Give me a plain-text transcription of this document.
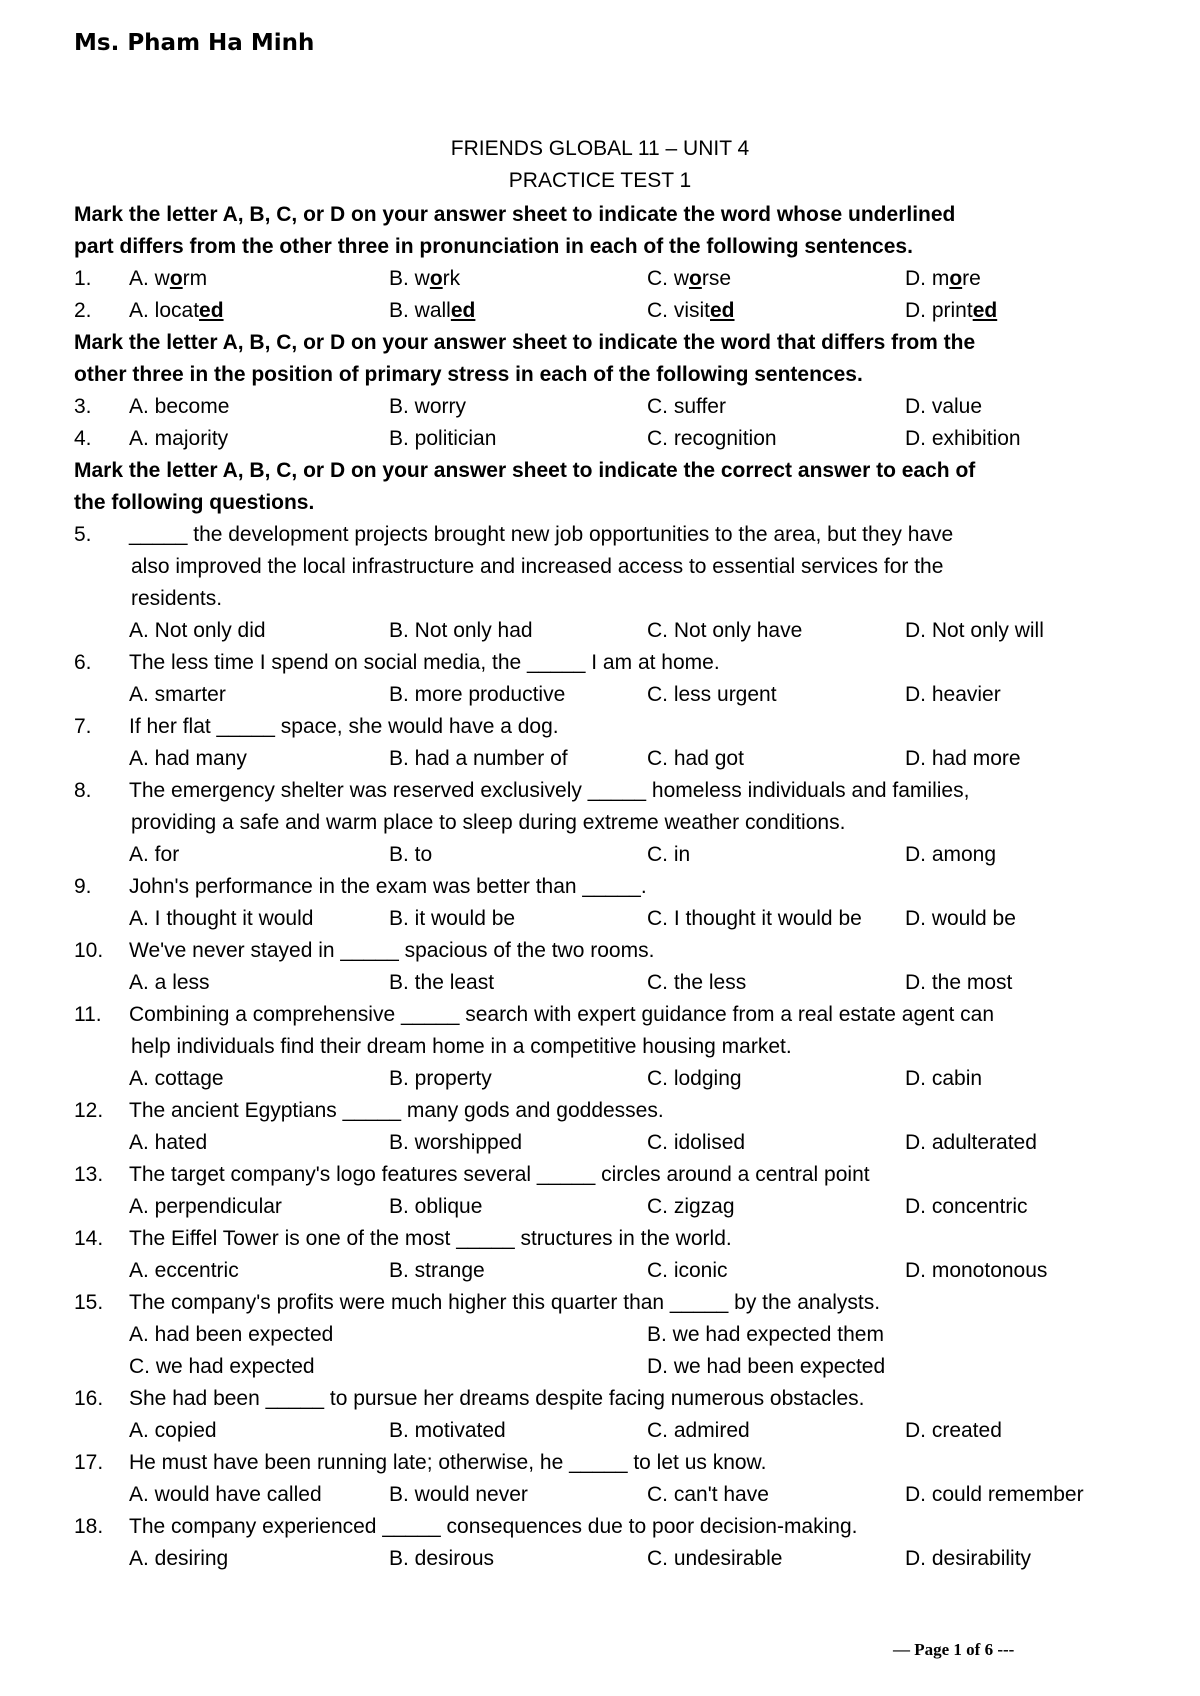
Ms. Pham Ha Minh
FRIENDS GLOBAL 11 – UNIT 4
PRACTICE TEST 1
Mark the letter A, B, C, or D on your answer sheet to indicate the word whose underlined
part differs from the other three in pronunciation in each of the following sentences.
1. A. worm	B. work	C. worse	D. more
2. A. located	B. walled	C. visited	D. printed
Mark the letter A, B, C, or D on your answer sheet to indicate the word that differs from the
other three in the position of primary stress in each of the following sentences.
3. A. become	B. worry	C. suffer	D. value
4. A. majority	B. politician	C. recognition	D. exhibition
Mark the letter A, B, C, or D on your answer sheet to indicate the correct answer to each of
the following questions.
5. _____ the development projects brought new job opportunities to the area, but they have
also improved the local infrastructure and increased access to essential services for the
residents.
A. Not only did	B. Not only had	C. Not only have	D. Not only will
6. The less time I spend on social media, the _____ I am at home.
A. smarter	B. more productive	C. less urgent	D. heavier
7. If her flat _____ space, she would have a dog.
A. had many	B. had a number of	C. had got	D. had more
8. The emergency shelter was reserved exclusively _____ homeless individuals and families,
providing a safe and warm place to sleep during extreme weather conditions.
A. for	B. to	C. in	D. among
9. John's performance in the exam was better than _____.
A. I thought it would	B. it would be	C. I thought it would be D. would be
10. We've never stayed in _____ spacious of the two rooms.
A. a less	B. the least	C. the less	D. the most
11. Combining a comprehensive _____ search with expert guidance from a real estate agent can
help individuals find their dream home in a competitive housing market.
A. cottage	B. property	C. lodging	D. cabin
12. The ancient Egyptians _____ many gods and goddesses.
A. hated	B. worshipped	C. idolised	D. adulterated
13. The target company's logo features several _____ circles around a central point
A. perpendicular	B. oblique	C. zigzag	D. concentric
14. The Eiffel Tower is one of the most _____ structures in the world.
A. eccentric	B. strange	C. iconic	D. monotonous
15. The company's profits were much higher this quarter than _____ by the analysts.
A. had been expected	B. we had expected them
C. we had expected	D. we had been expected
16. She had been _____ to pursue her dreams despite facing numerous obstacles.
A. copied	B. motivated	C. admired	D. created
17. He must have been running late; otherwise, he _____ to let us know.
A. would have called	B. would never	C. can't have	D. could remember
18. The company experienced _____ consequences due to poor decision-making.
A. desiring	B. desirous	C. undesirable	D. desirability
— Page 1 of 6 ---
